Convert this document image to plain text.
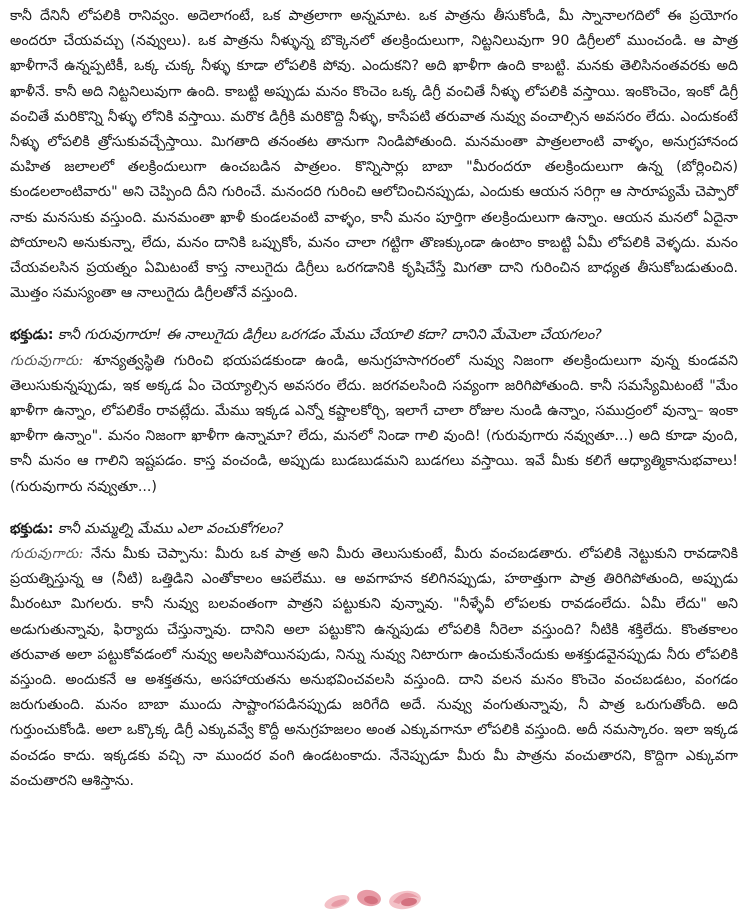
కానీ దేనినీ లోపలికి రానివ్వం. అదెలాగంటే, ఒక పాత్రలాగా అన్నమాట. ఒక పాత్రను తీసుకోండి, మీ స్నానాలగదిలో ఈ ప్రయోగం అందరూ చేయవచ్చు (నవ్వులు). ఒక పాత్రను నీళ్ళున్న బొక్కెనలో తలక్రిందులుగా, నిట్టనిలువుగా 90 డిగ్రీలలో ముంచండి. ఆ పాత్ర ఖాళీగానే ఉన్నప్పటికీ, ఒక్క చుక్క నీళ్ళు కూడా లోపలికి పోవు. ఎందుకని? అది ఖాళీగా ఉంది కాబట్టి. మనకు తెలిసినంతవరకు అది ఖాళీనే. కానీ అది నిట్టనిలువుగా ఉంది. కాబట్టి అప్పుడు మనం కొంచెం ఒక్క డిగ్రీ వంచితే నీళ్ళు లోపలికి వస్తాయి. ఇంకొంచెం, ఇంకో డిగ్రీ వంచితే మరికొన్ని నీళ్ళు లోనికి వస్తాయి. మరొక డిగ్రీకి మరికొద్ది నీళ్ళు, కాసేపటి తరువాత నువ్వు వంచాల్సిన అవసరం లేదు. ఎందుకంటే నీళ్ళు లోపలికి త్రోసుకువచ్చేస్తాయి. మిగతాది తనంతట తానుగా నిండిపోతుంది. మనమంతా పాత్రలలాంటి వాళ్ళం, అనుగ్రహానంద మహిత జలాలలో తలక్రిందులుగా ఉంచబడిన పాత్రలం. కొన్నిసార్లు బాబా "మీరందరూ తలక్రిందులుగా ఉన్న (బోర్లించిన) కుండలలాంటివారు" అని చెప్పింది దీని గురించే. మనందరి గురించి ఆలోచించినప్పుడు, ఎందుకు ఆయన సరిగ్గా ఆ సారూప్యమే చెప్పారో నాకు మనసుకు వస్తుంది. మనమంతా ఖాళీ కుండలవంటి వాళ్ళం, కానీ మనం పూర్తిగా తలక్రిందులుగా ఉన్నాం. ఆయన మనలో ఏదైనా పోయాలని అనుకున్నా, లేదు, మనం దానికి ఒప్పుకోం, మనం చాలా గట్టిగా తొణక్కుండా ఉంటాం కాబట్టి ఏమీ లోపలికి వెళ్ళదు. మనం చేయవలసిన ప్రయత్నం ఏమిటంటే కాస్త నాలుగైదు డిగ్రీలు ఒరగడానికి కృషిచేస్తే మిగతా దాని గురించిన బాధ్యత తీసుకోబడుతుంది. మొత్తం సమస్యంతా ఆ నాలుగైదు డిగ్రీలతోనే వస్తుంది.

భక్తుడు: కానీ గురువుగారూ! ఈ నాలుగైదు డిగ్రీలు ఒరగడం మేము చేయాలి కదా? దానిని మేమెలా చేయగలం?

గురువుగారు: శూన్యత్వస్థితి గురించి భయపడకుండా ఉండి, అనుగ్రహసాగరంలో నువ్వు నిజంగా తలక్రిందులుగా వున్న కుండవని తెలుసుకున్నప్పుడు, ఇక అక్కడ ఏం చెయ్యాల్సిన అవసరం లేదు. జరగవలసింది సవ్యంగా జరిగిపోతుంది. కానీ సమస్యేమిటంటే "మేం ఖాళీగా ఉన్నాం, లోపలికేం రావట్లేదు. మేము ఇక్కడ ఎన్నో కష్టాలకోర్చి, ఇలాగే చాలా రోజుల నుండి ఉన్నాం, సముద్రంలో వున్నా– ఇంకా ఖాళీగా ఉన్నాం". మనం నిజంగా ఖాళీగా ఉన్నామా? లేదు, మనలో నిండా గాలి వుంది! (గురువుగారు నవ్వుతూ...) అది కూడా వుంది, కానీ మనం ఆ గాలిని ఇష్టపడం. కాస్త వంచండి, అప్పుడు బుడబుడమని బుడగలు వస్తాయి. ఇవే మీకు కలిగే ఆధ్యాత్మికానుభవాలు! (గురువుగారు నవ్వుతూ...)

భక్తుడు: కానీ మమ్మల్ని మేము ఎలా వంచుకోగలం?

గురువుగారు: నేను మీకు చెప్పాను: మీరు ఒక పాత్ర అని మీరు తెలుసుకుంటే, మీరు వంచబడతారు. లోపలికి నెట్టుకుని రావడానికి ప్రయత్నిస్తున్న ఆ (నీటి) ఒత్తిడిని ఎంతోకాలం ఆపలేము. ఆ అవగాహన కలిగినప్పుడు, హఠాత్తుగా పాత్ర తిరిగిపోతుంది, అప్పుడు మీరంటూ మిగలరు. కానీ నువ్వు బలవంతంగా పాత్రని పట్టుకుని వున్నావు. "నీళ్ళేవీ లోపలకు రావడంలేదు. ఏమీ లేదు" అని అడుగుతున్నావు, ఫిర్యాదు చేస్తున్నావు. దానిని అలా పట్టుకొని ఉన్నపుడు లోపలికి నీరెలా వస్తుంది? నీటికి శక్తిలేదు. కొంతకాలం తరువాత అలా పట్టుకోవడంలో నువ్వు అలసిపోయినపుడు, నిన్ను నువ్వు నిటారుగా ఉంచుకునేందుకు అశక్తుడవైనప్పుడు నీరు లోపలికి వస్తుంది. అందుకనే ఆ అశక్తతను, అసహాయతను అనుభవించవలసి వస్తుంది. దాని వలన మనం కొంచెం వంచబడటం, వంగడం జరుగుతుంది. మనం బాబా ముందు సాష్టాంగపడినప్పుడు జరిగేది అదే. నువ్వు వంగుతున్నావు, నీ పాత్ర ఒరుగుతోంది. అది గుర్తుంచుకోండి. అలా ఒక్కొక్క డిగ్రీ ఎక్కువవ్వే కొద్దీ అనుగ్రహజలం అంత ఎక్కువగానూ లోపలికి వస్తుంది. అదీ నమస్కారం. ఇలా ఇక్కడ వంచడం కాదు. ఇక్కడకు వచ్చి నా ముందర వంగి ఉండటంకాదు. నేనెప్పుడూ మీరు మీ పాత్రను వంచుతారని, కొద్దిగా ఎక్కువగా వంచుతారని ఆశిస్తాను.
